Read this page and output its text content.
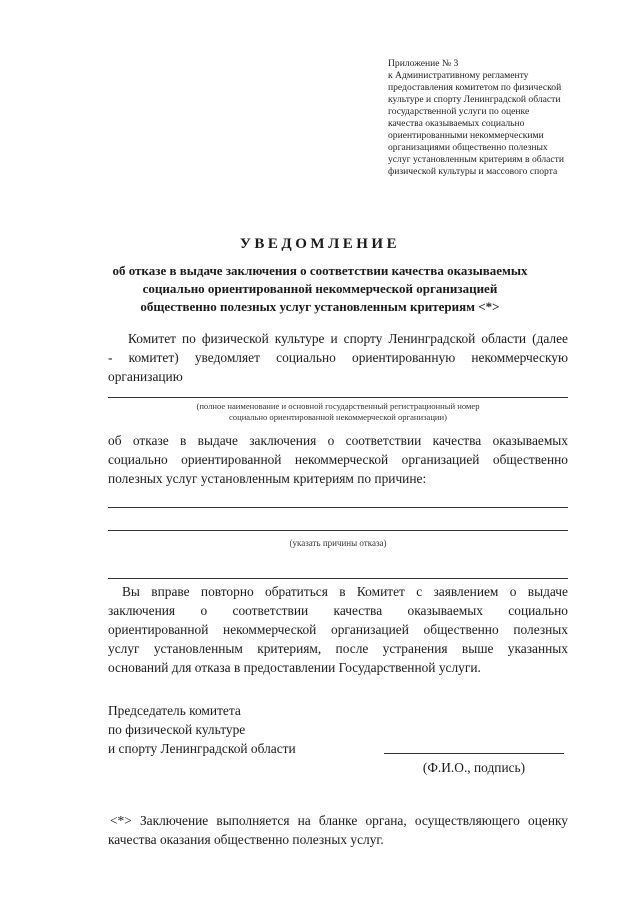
Приложение № 3
к Административному регламенту
предоставления комитетом по физической
культуре и спорту Ленинградской области
государственной услуги по оценке
качества оказываемых социально
ориентированными некоммерческими
организациями общественно полезных
услуг установленным критериям в области
физической культуры и массового спорта
УВЕДОМЛЕНИЕ
об отказе в выдаче заключения о соответствии качества оказываемых
социально ориентированной некоммерческой организацией
общественно полезных услуг установленным критериям <*>
Комитет по физической культуре и спорту Ленинградской области (далее
- комитет) уведомляет социально ориентированную некоммерческую
организацию
(полное наименование и основной государственный регистрационный номер
социально ориентированной некоммерческой организации)
об отказе в выдаче заключения о соответствии качества оказываемых
социально ориентированной некоммерческой организацией общественно
полезных услуг установленным критериям по причине:
(указать причины отказа)
Вы вправе повторно обратиться в Комитет с заявлением о выдаче
заключения о соответствии качества оказываемых социально
ориентированной некоммерческой организацией общественно полезных
услуг установленным критериям, после устранения выше указанных
оснований для отказа в предоставлении Государственной услуги.
Председатель комитета
по физической культуре
и спорту Ленинградской области
(Ф.И.О., подпись)
<*> Заключение выполняется на бланке органа, осуществляющего оценку
качества оказания общественно полезных услуг.
